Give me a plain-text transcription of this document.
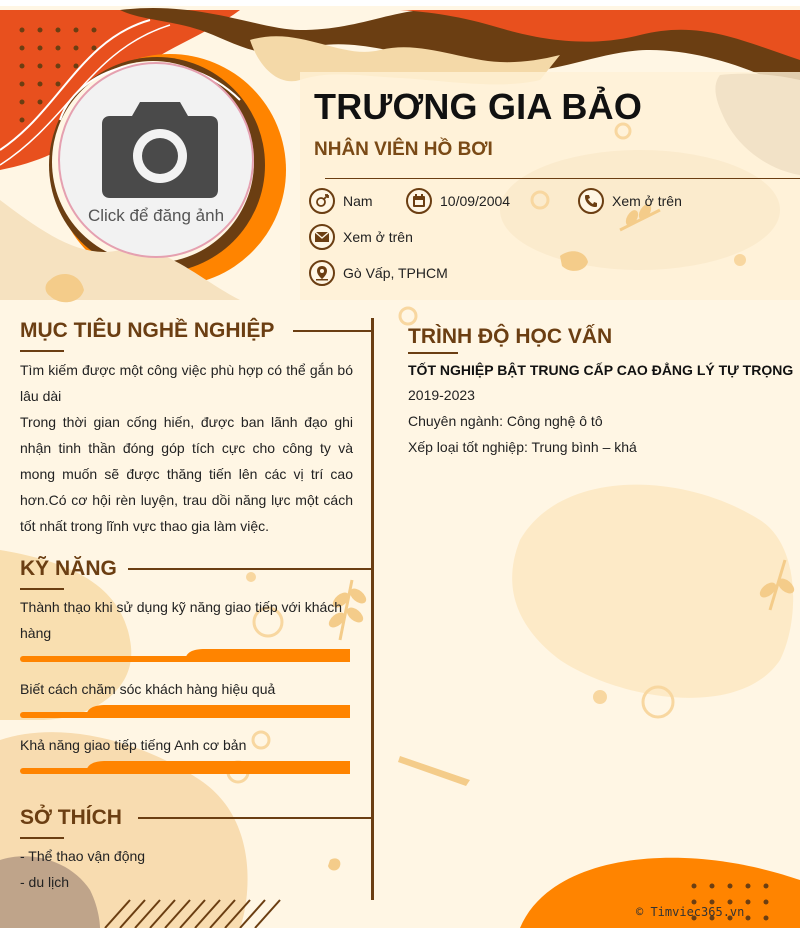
Click để đăng ảnh
TRƯƠNG GIA BẢO
NHÂN VIÊN HỒ BƠI
Nam	10/09/2004	Xem ở trên
Xem ở trên
Gò Vấp, TPHCM
MỤC TIÊU NGHỀ NGHIỆP
Tìm kiếm được một công việc phù hợp có thể gắn bó lâu dài
Trong thời gian cống hiến, được ban lãnh đạo ghi nhận tinh thần đóng góp tích cực cho công ty và mong muốn sẽ được thăng tiến lên các vị trí cao hơn.Có cơ hội rèn luyện, trau dồi năng lực một cách tốt nhất trong lĩnh vực thao gia làm việc.
KỸ NĂNG
Thành thạo khi sử dụng kỹ năng giao tiếp với khách hàng
Biết cách chăm sóc khách hàng hiệu quả
Khả năng giao tiếp tiếng Anh cơ bản
SỞ THÍCH
- Thể thao vận động
- du lịch
TRÌNH ĐỘ HỌC VẤN
TỐT NGHIỆP BẬT TRUNG CẤP CAO ĐẲNG LÝ TỰ TRỌNG
2019-2023
Chuyên ngành: Công nghệ ô tô
Xếp loại tốt nghiệp: Trung bình – khá
© Timviec365.vn
